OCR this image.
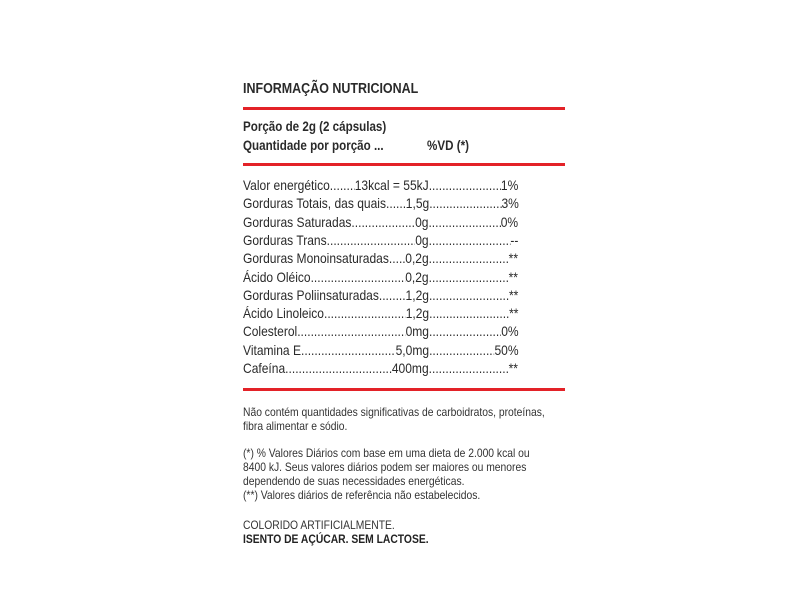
INFORMAÇÃO NUTRICIONAL
Porção de 2g (2 cápsulas)
Quantidade por porção ...	%VD (*)
Valor energético ..... 13kcal = 55kJ .....	1%
Gorduras Totais, das quais ..... 1,5g .....	3%
Gorduras Saturadas .....	0g .....	0%
Gorduras Trans .....	0g .....	--
Gorduras Monoinsaturadas ..... 0,2g .....	**
Ácido Oléico .....	0,2g .....	**
Gorduras Poliinsaturadas ..... 1,2g .....	**
Ácido Linoleico .....	1,2g .....	**
Colesterol .....	0mg .....	0%
Vitamina E .....	5,0mg .....	50%
Cafeína .....	400mg .....	**
Não contém quantidades significativas de carboidratos, proteínas,
fibra alimentar e sódio.
(*) % Valores Diários com base em uma dieta de 2.000 kcal ou
8400 kJ. Seus valores diários podem ser maiores ou menores
dependendo de suas necessidades energéticas.
(**) Valores diários de referência não estabelecidos.
COLORIDO ARTIFICIALMENTE.
ISENTO DE AÇÚCAR. SEM LACTOSE.
